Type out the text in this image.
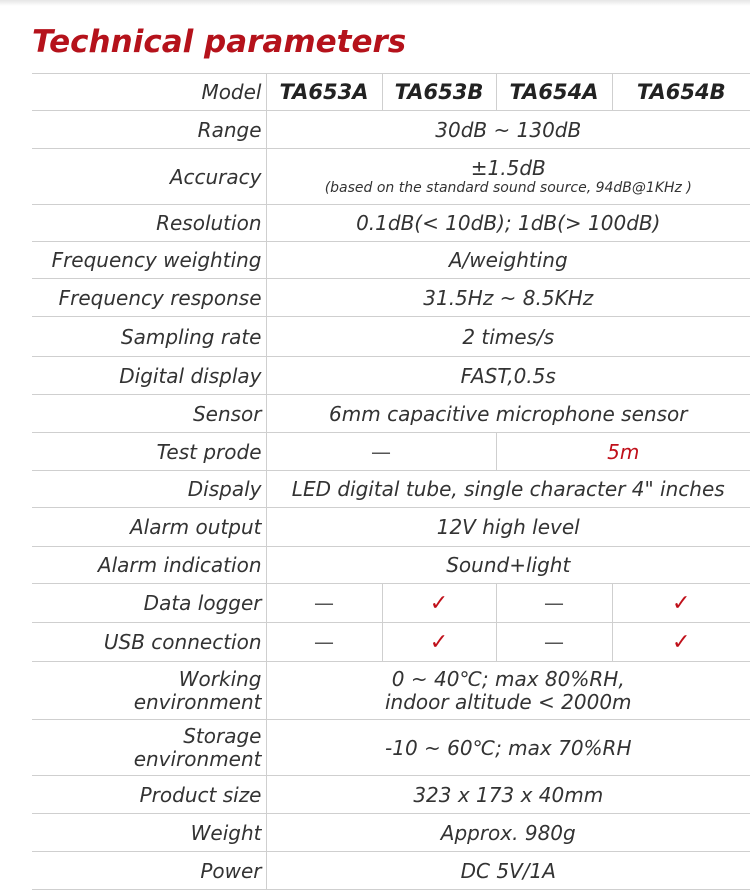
Technical parameters
Model	TA653A	TA653B	TA654A	TA654B
Range	30dB ~ 130dB			
Accuracy	±1.5dB
(based on the standard sound source, 94dB@1KHz )			

Resolution	0.1dB(< 10dB); 1dB(> 100dB)			
Frequency weighting	A/weighting			
Frequency response	31.5Hz ~ 8.5KHz			
Sampling rate	2 times/s			
Digital display	FAST,0.5s			
Sensor	6mm capacitive microphone sensor			
Test prode	—		5m	
Dispaly	LED digital tube, single character 4" inches			
Alarm output	12V high level			
Alarm indication	Sound+light			
Data logger	—	✓	—	✓
USB connection	—	✓	—	✓

Working
environment	0 ~ 40℃; max 80%RH,
indoor altitude < 2000m			

Storage
environment	-10 ~ 60℃; max 70%RH			
Product size	323 x 173 x 40mm			
Weight	Approx. 980g			
Power	DC 5V/1A			
